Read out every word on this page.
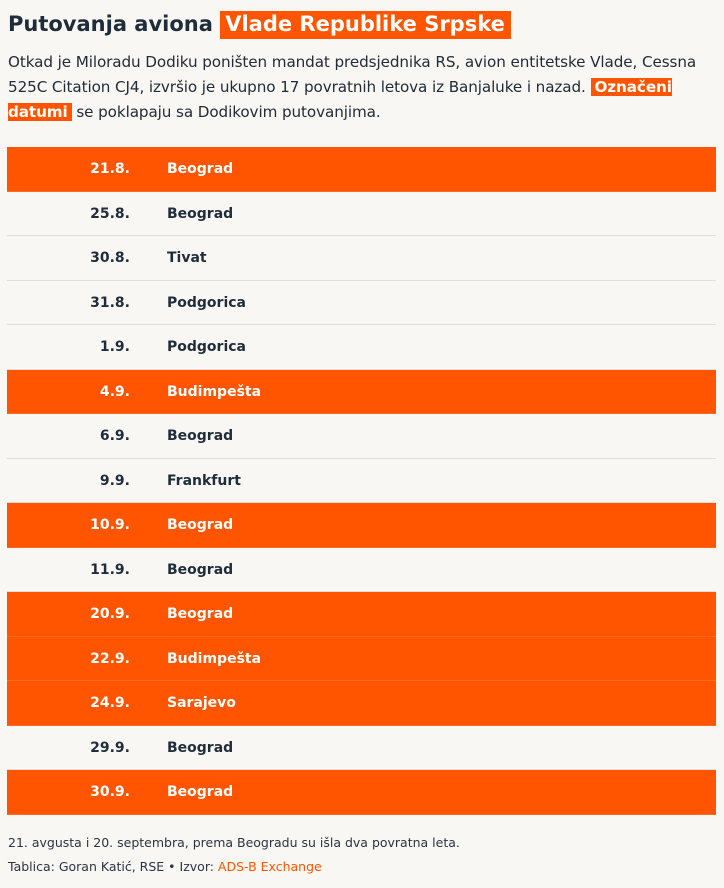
Putovanja aviona Vlade Republike Srpske
Otkad je Miloradu Dodiku poništen mandat predsjednika RS, avion entitetske Vlade, Cessna 525C Citation CJ4, izvršio je ukupno 17 povratnih letova iz Banjaluke i nazad. Označeni datumi se poklapaju sa Dodikovim putovanjima.
21.8.	Beograd
25.8.	Beograd
30.8.	Tivat
31.8.	Podgorica
1.9.	Podgorica
4.9.	Budimpešta
6.9.	Beograd
9.9.	Frankfurt
10.9.	Beograd
11.9.	Beograd
20.9.	Beograd
22.9.	Budimpešta
24.9.	Sarajevo
29.9.	Beograd
30.9.	Beograd
21. avgusta i 20. septembra, prema Beogradu su išla dva povratna leta.
Tablica: Goran Katić, RSE • Izvor: ADS-B Exchange
